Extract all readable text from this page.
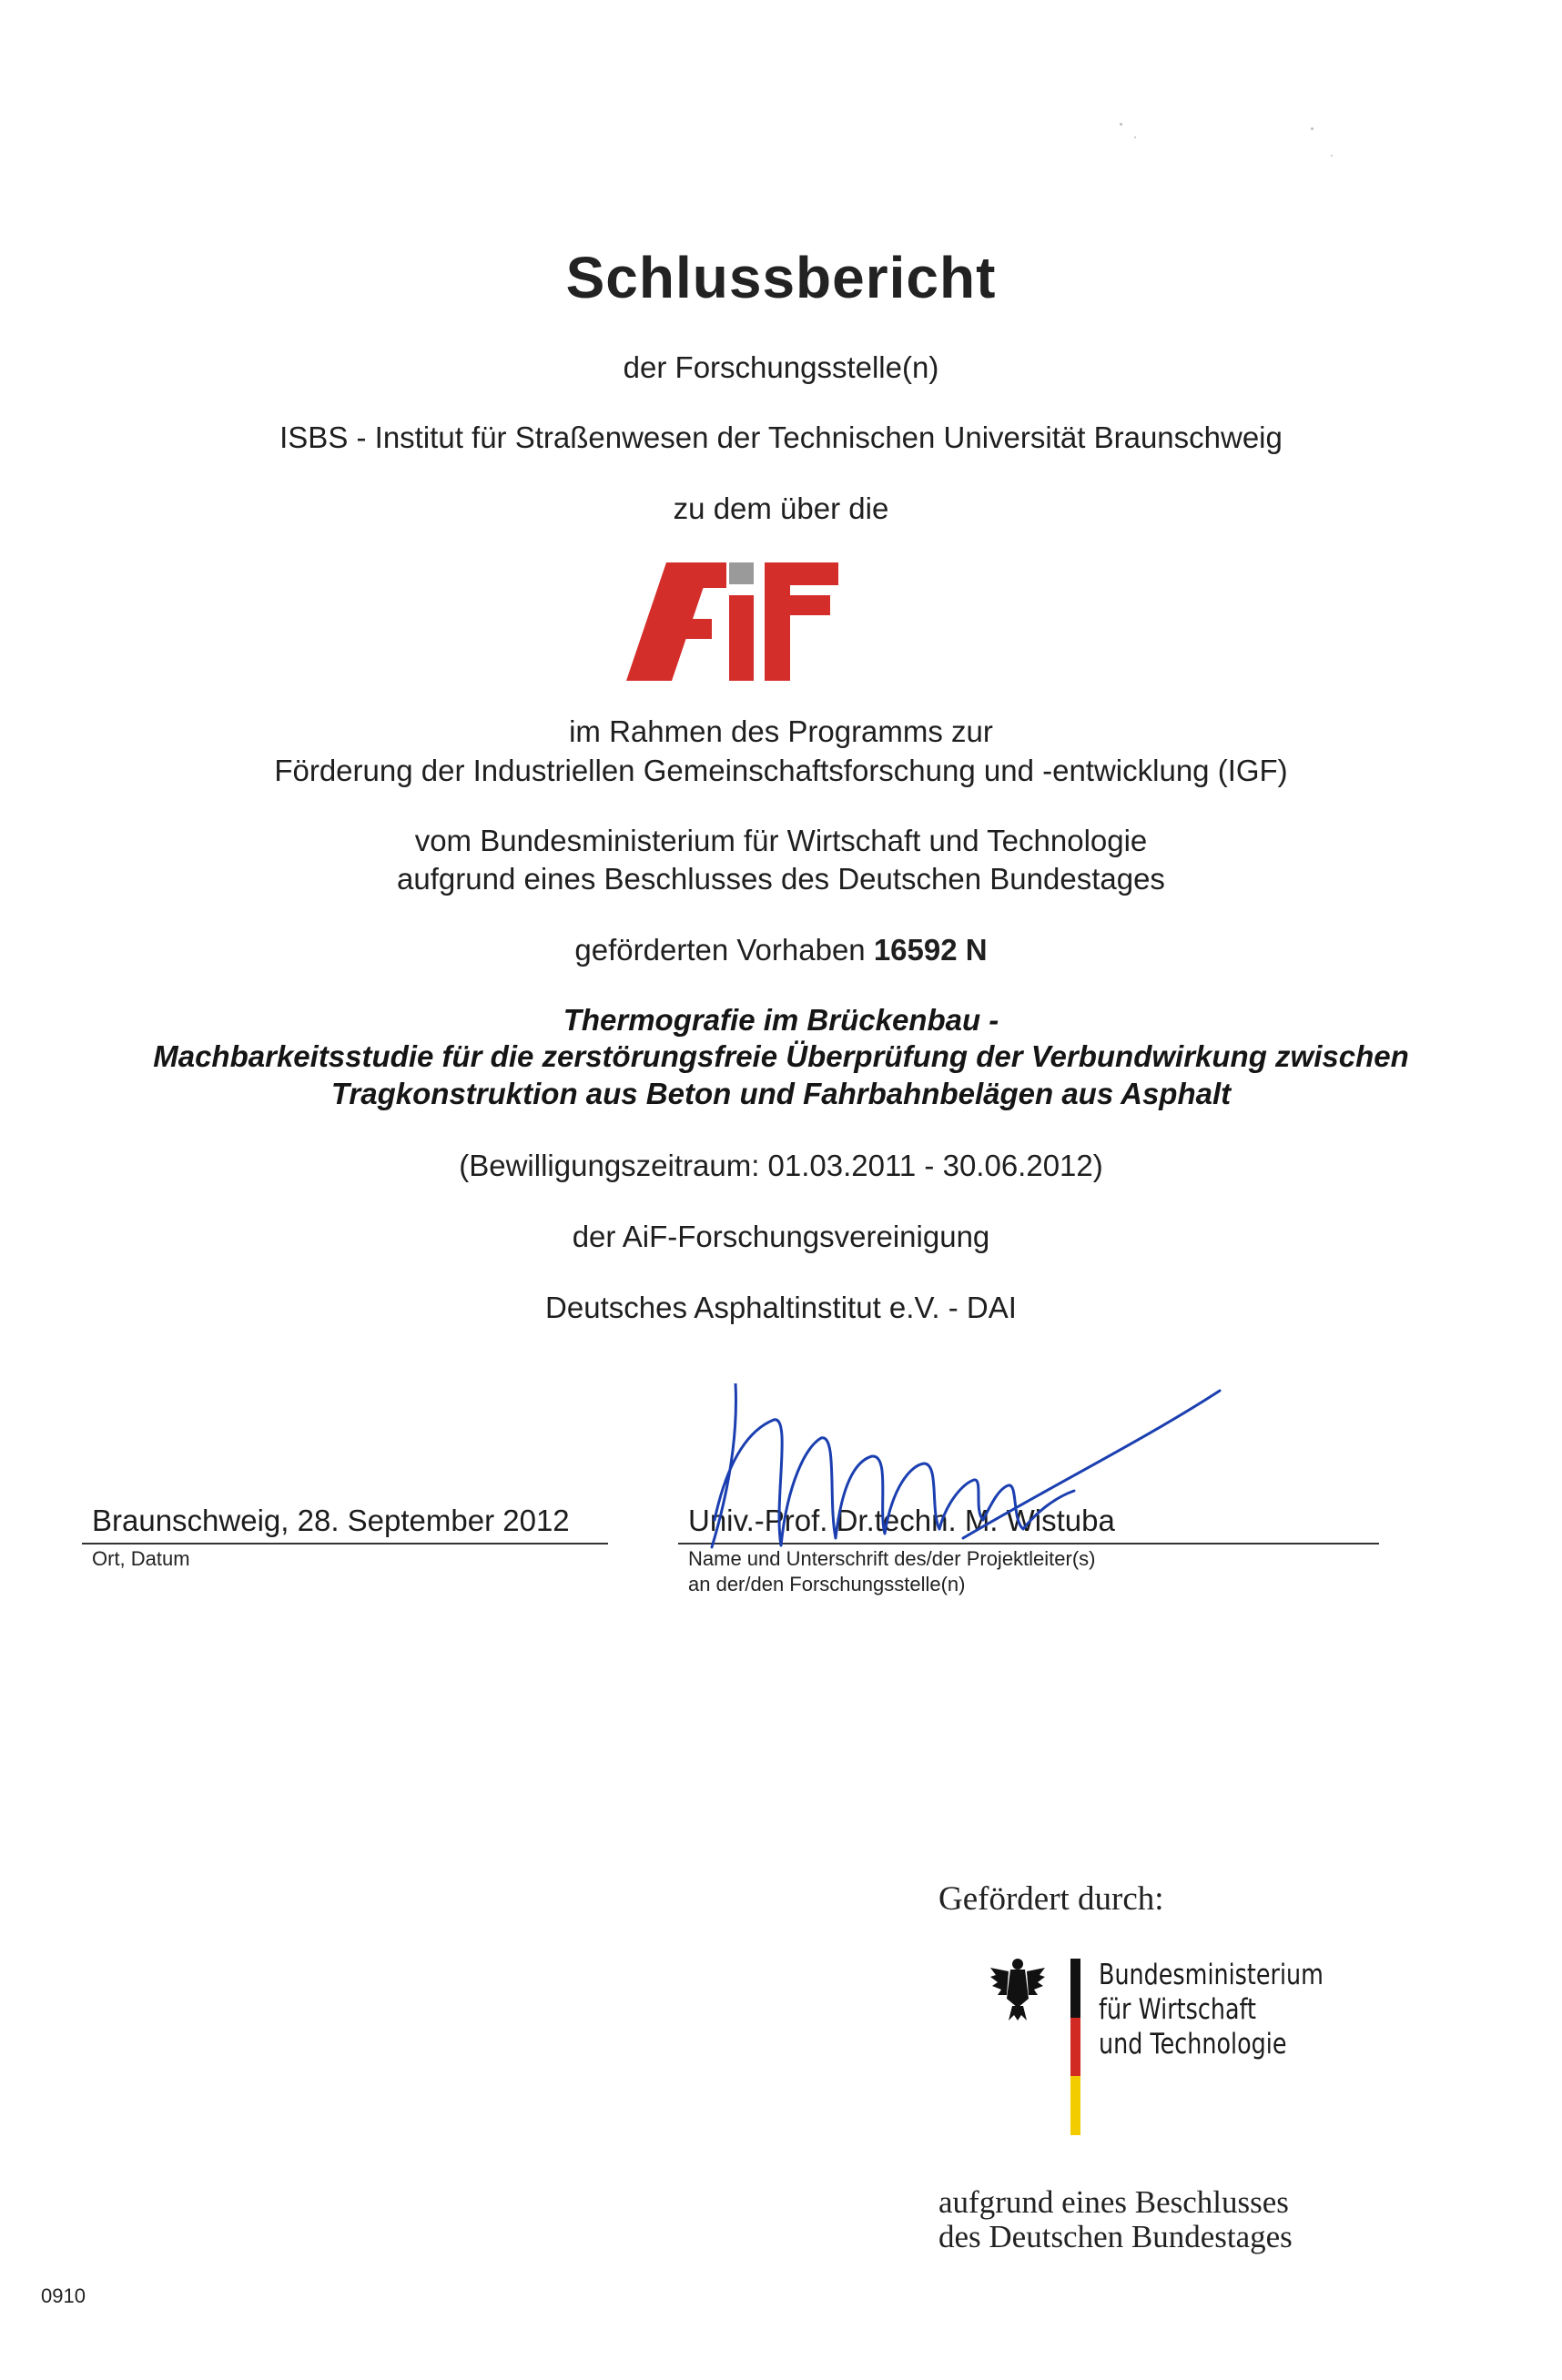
Schlussbericht
der Forschungsstelle(n)
ISBS - Institut für Straßenwesen der Technischen Universität Braunschweig
zu dem über die
im Rahmen des Programms zur
Förderung der Industriellen Gemeinschaftsforschung und -entwicklung (IGF)
vom Bundesministerium für Wirtschaft und Technologie
aufgrund eines Beschlusses des Deutschen Bundestages
geförderten Vorhaben 16592 N
Thermografie im Brückenbau -
Machbarkeitsstudie für die zerstörungsfreie Überprüfung der Verbundwirkung zwischen
Tragkonstruktion aus Beton und Fahrbahnbelägen aus Asphalt
(Bewilligungszeitraum: 01.03.2011 - 30.06.2012)
der AiF-Forschungsvereinigung
Deutsches Asphaltinstitut e.V. - DAI
Braunschweig, 28. September 2012
Ort, Datum
Univ.-Prof. Dr.techn. M. Wistuba
Name und Unterschrift des/der Projektleiter(s)
an der/den Forschungsstelle(n)
Gefördert durch:
Bundesministerium
für Wirtschaft
und Technologie
aufgrund eines Beschlusses
des Deutschen Bundestages
0910
